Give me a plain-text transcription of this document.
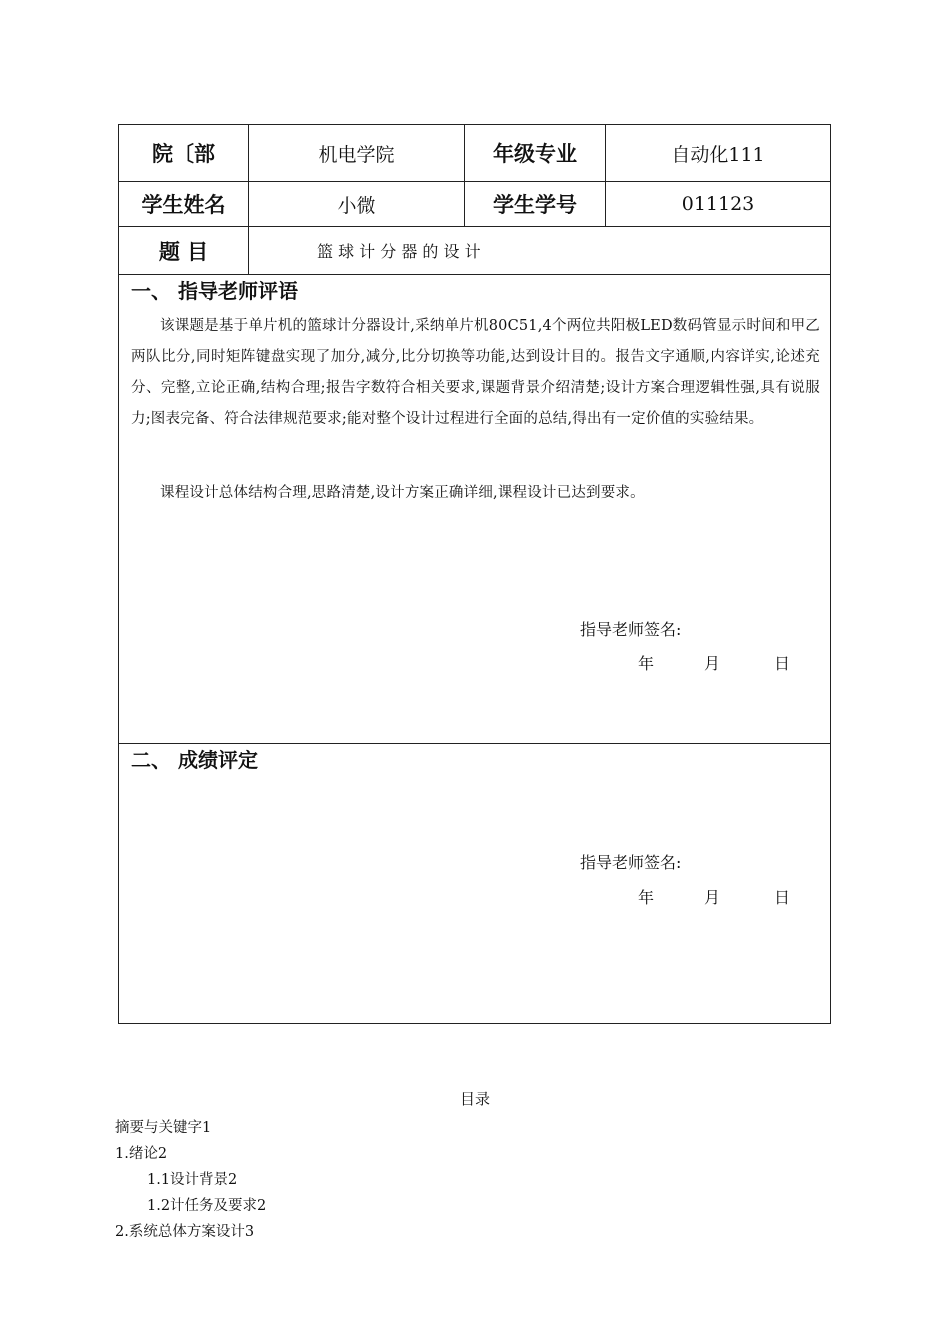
院〔部	机电学院	年级专业	自动化111
学生姓名	小微	学生学号	011123
题 目	篮 球 计 分 器 的 设 计
一、 指导老师评语
该课题是基于单片机的篮球计分器设计,采纳单片机80C51,4个两位共阳极LED数码管显示时间和甲乙两队比分,同时矩阵键盘实现了加分,减分,比分切换等功能,达到设计目的。报告文字通顺,内容详实,论述充分、完整,立论正确,结构合理;报告字数符合相关要求,课题背景介绍清楚;设计方案合理逻辑性强,具有说服力;图表完备、符合法律规范要求;能对整个设计过程进行全面的总结,得出有一定价值的实验结果。
课程设计总体结构合理,思路清楚,设计方案正确详细,课程设计已达到要求。
指导老师签名:
年	月	日
二、 成绩评定
指导老师签名:
年	月	日
目录
摘要与关键字1
1.绪论2
1.1设计背景2
1.2计任务及要求2
2.系统总体方案设计3
